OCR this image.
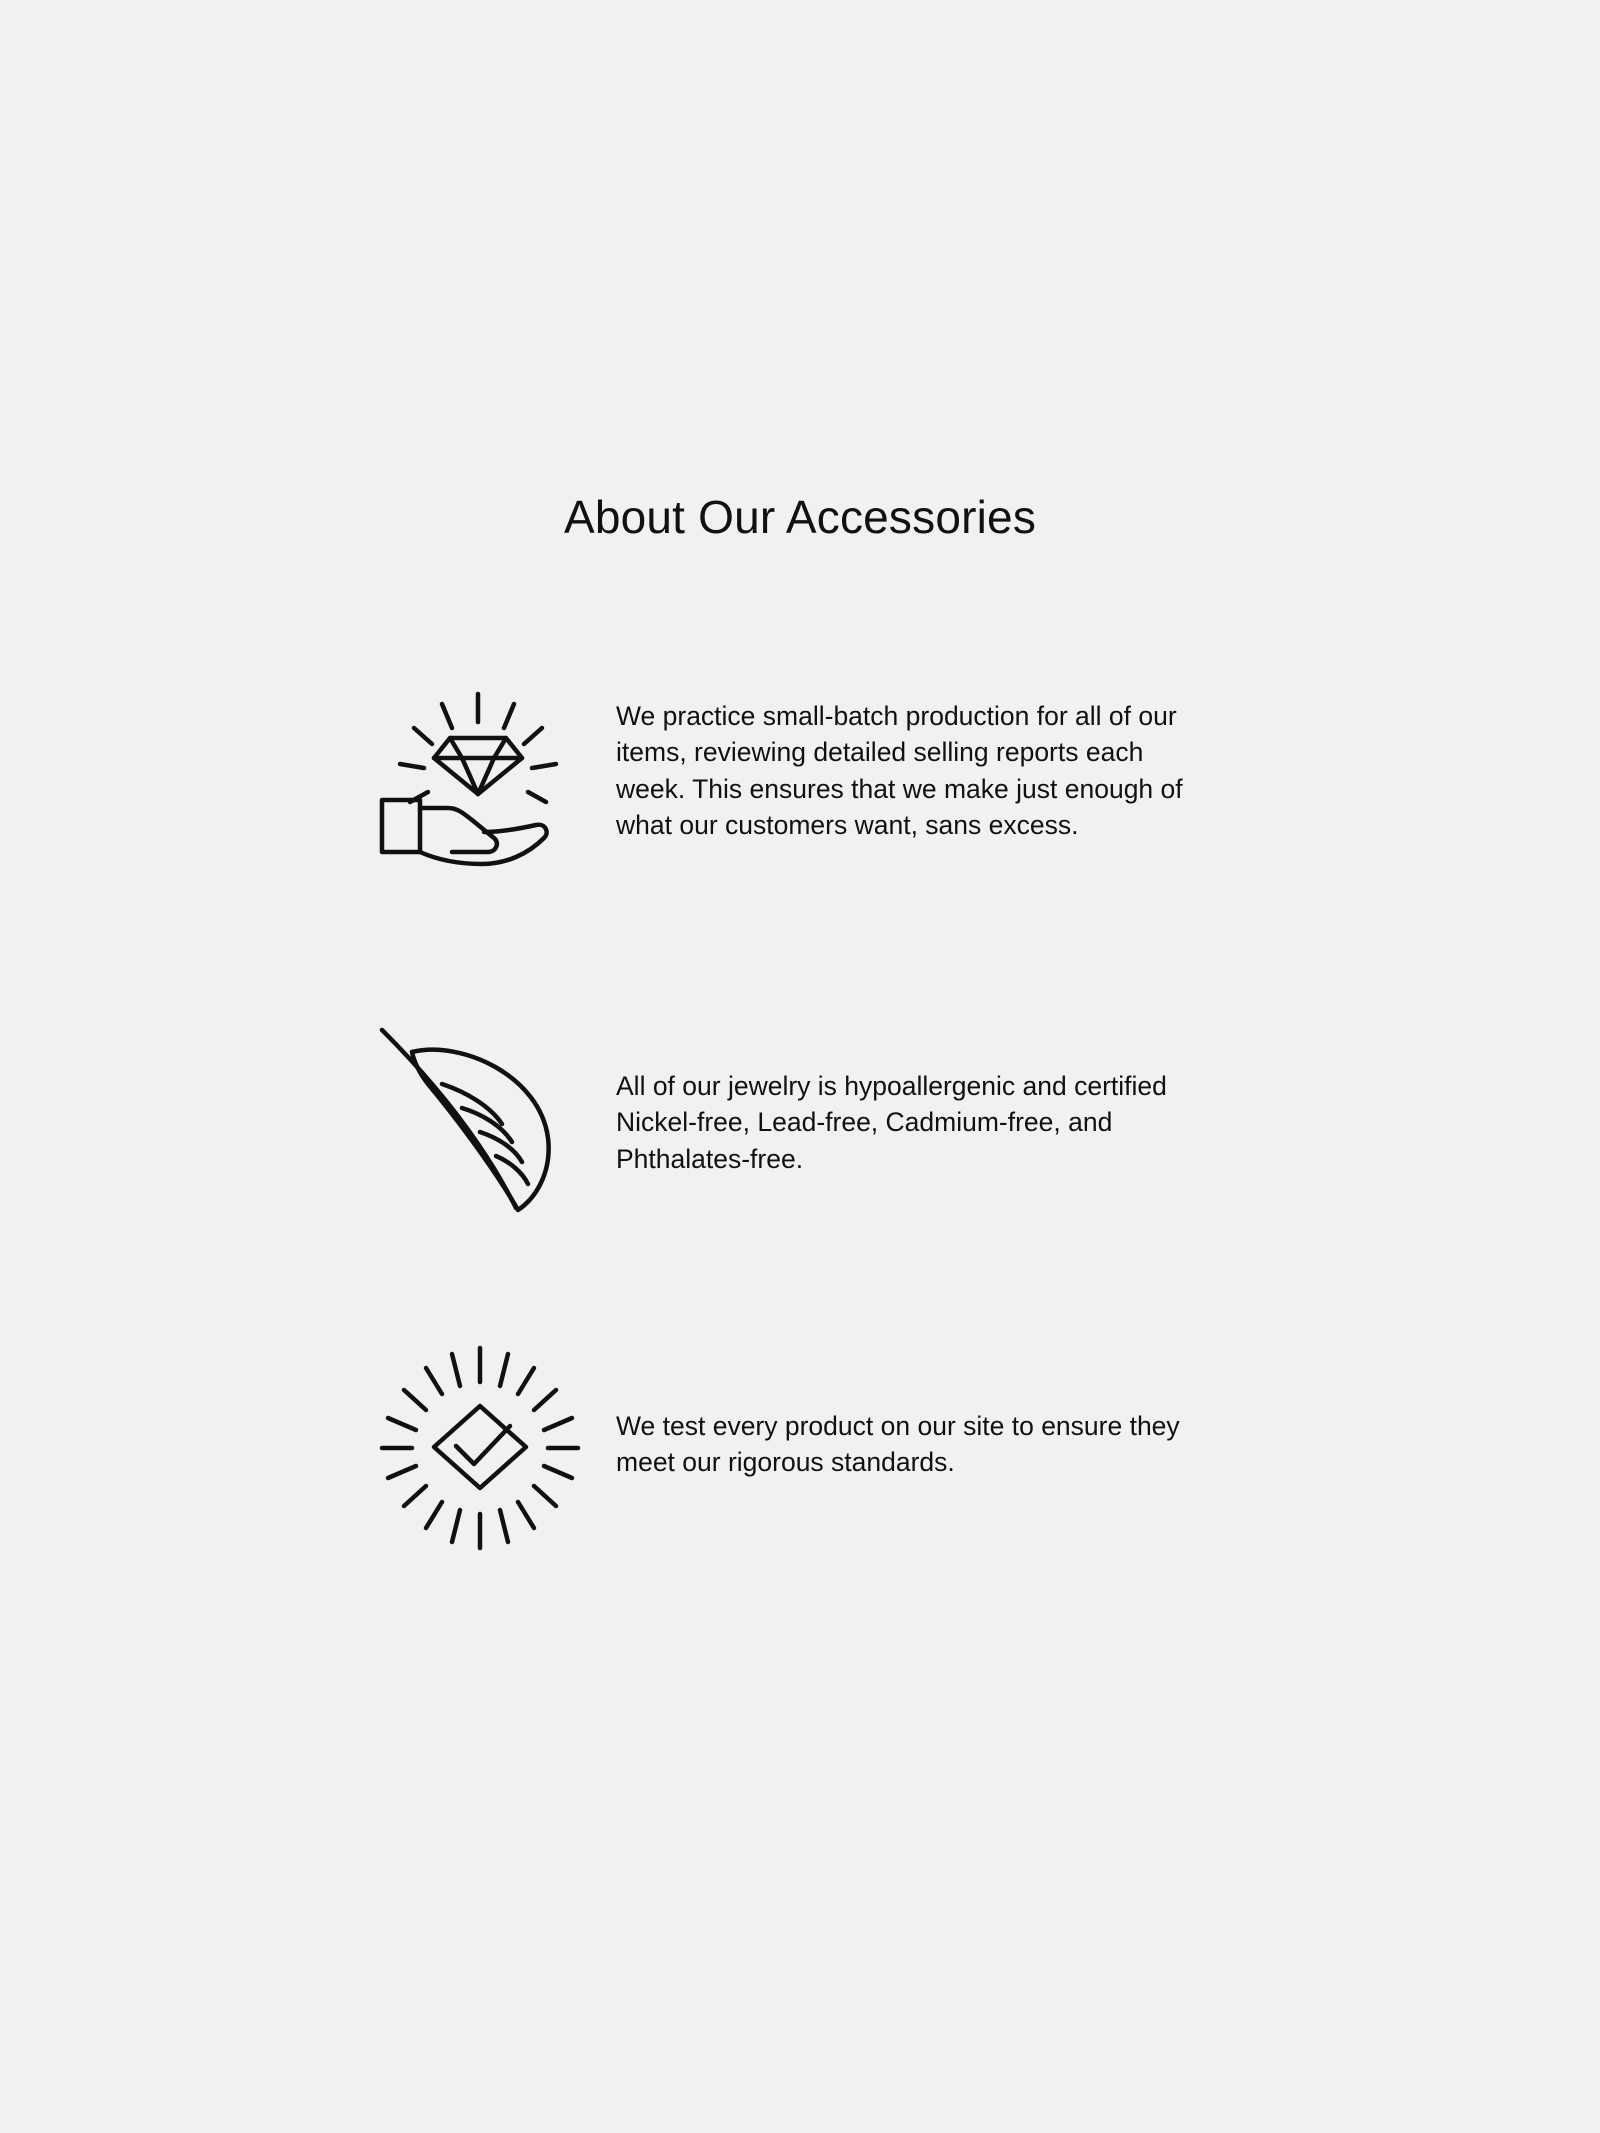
About Our Accessories
We practice small-batch production for all of our items, reviewing detailed selling reports each week. This ensures that we make just enough of what our customers want, sans excess.
All of our jewelry is hypoallergenic and certified Nickel-free, Lead-free, Cadmium-free, and Phthalates-free.
We test every product on our site to ensure they meet our rigorous standards.
